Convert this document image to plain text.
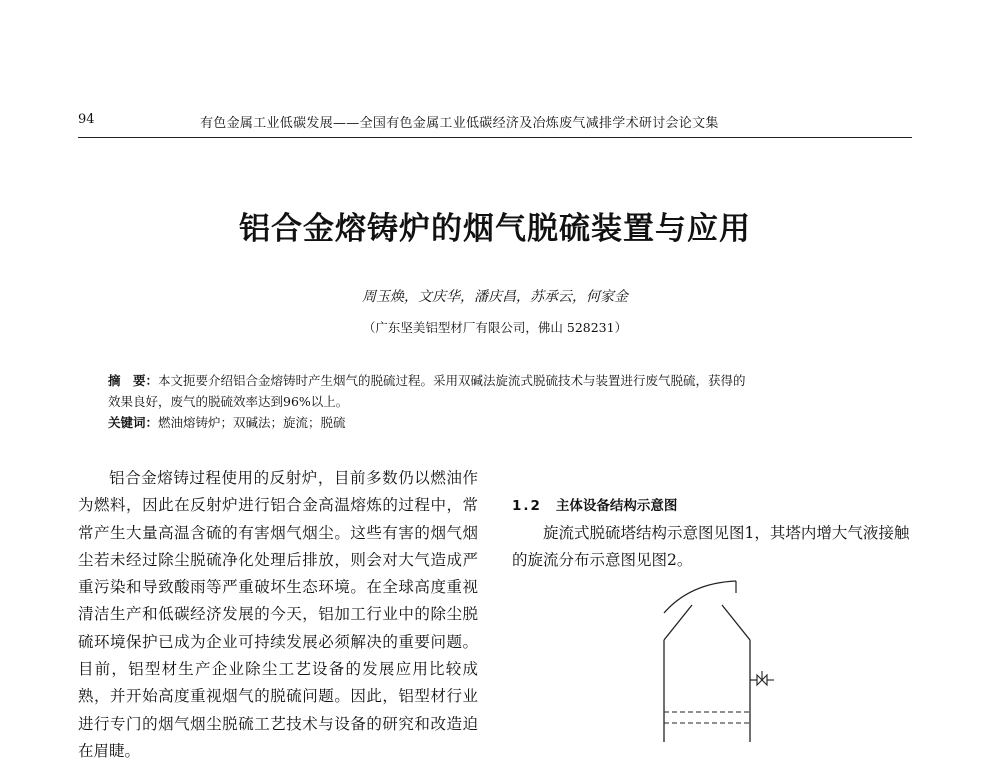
94	有色金属工业低碳发展——全国有色金属工业低碳经济及冶炼废气减排学术研讨会论文集
铝合金熔铸炉的烟气脱硫装置与应用
周玉焕，文庆华，潘庆昌，苏承云，何家金
（广东坚美铝型材厂有限公司，佛山 528231）
摘　要：本文扼要介绍铝合金熔铸时产生烟气的脱硫过程。采用双碱法旋流式脱硫技术与装置进行废气脱硫，获得的
效果良好，废气的脱硫效率达到96%以上。
关键词：燃油熔铸炉；双碱法；旋流；脱硫

铝合金熔铸过程使用的反射炉，目前多数仍以燃油作为燃料，因此在反射炉进行铝合金高温熔炼的过程中，常常产生大量高温含硫的有害烟气烟尘。这些有害的烟气烟尘若未经过除尘脱硫净化处理后排放，则会对大气造成严重污染和导致酸雨等严重破坏生态环境。在全球高度重视清洁生产和低碳经济发展的今天，铝加工行业中的除尘脱硫环境保护已成为企业可持续发展必须解决的重要问题。目前，铝型材生产企业除尘工艺设备的发展应用比较成熟，并开始高度重视烟气的脱硫问题。因此，铝型材行业进行专门的烟气烟尘脱硫工艺技术与设备的研究和改造迫在眉睫。

1.2 主体设备结构示意图

旋流式脱硫塔结构示意图见图1，其塔内增大气液接触的旋流分布示意图见图2。
